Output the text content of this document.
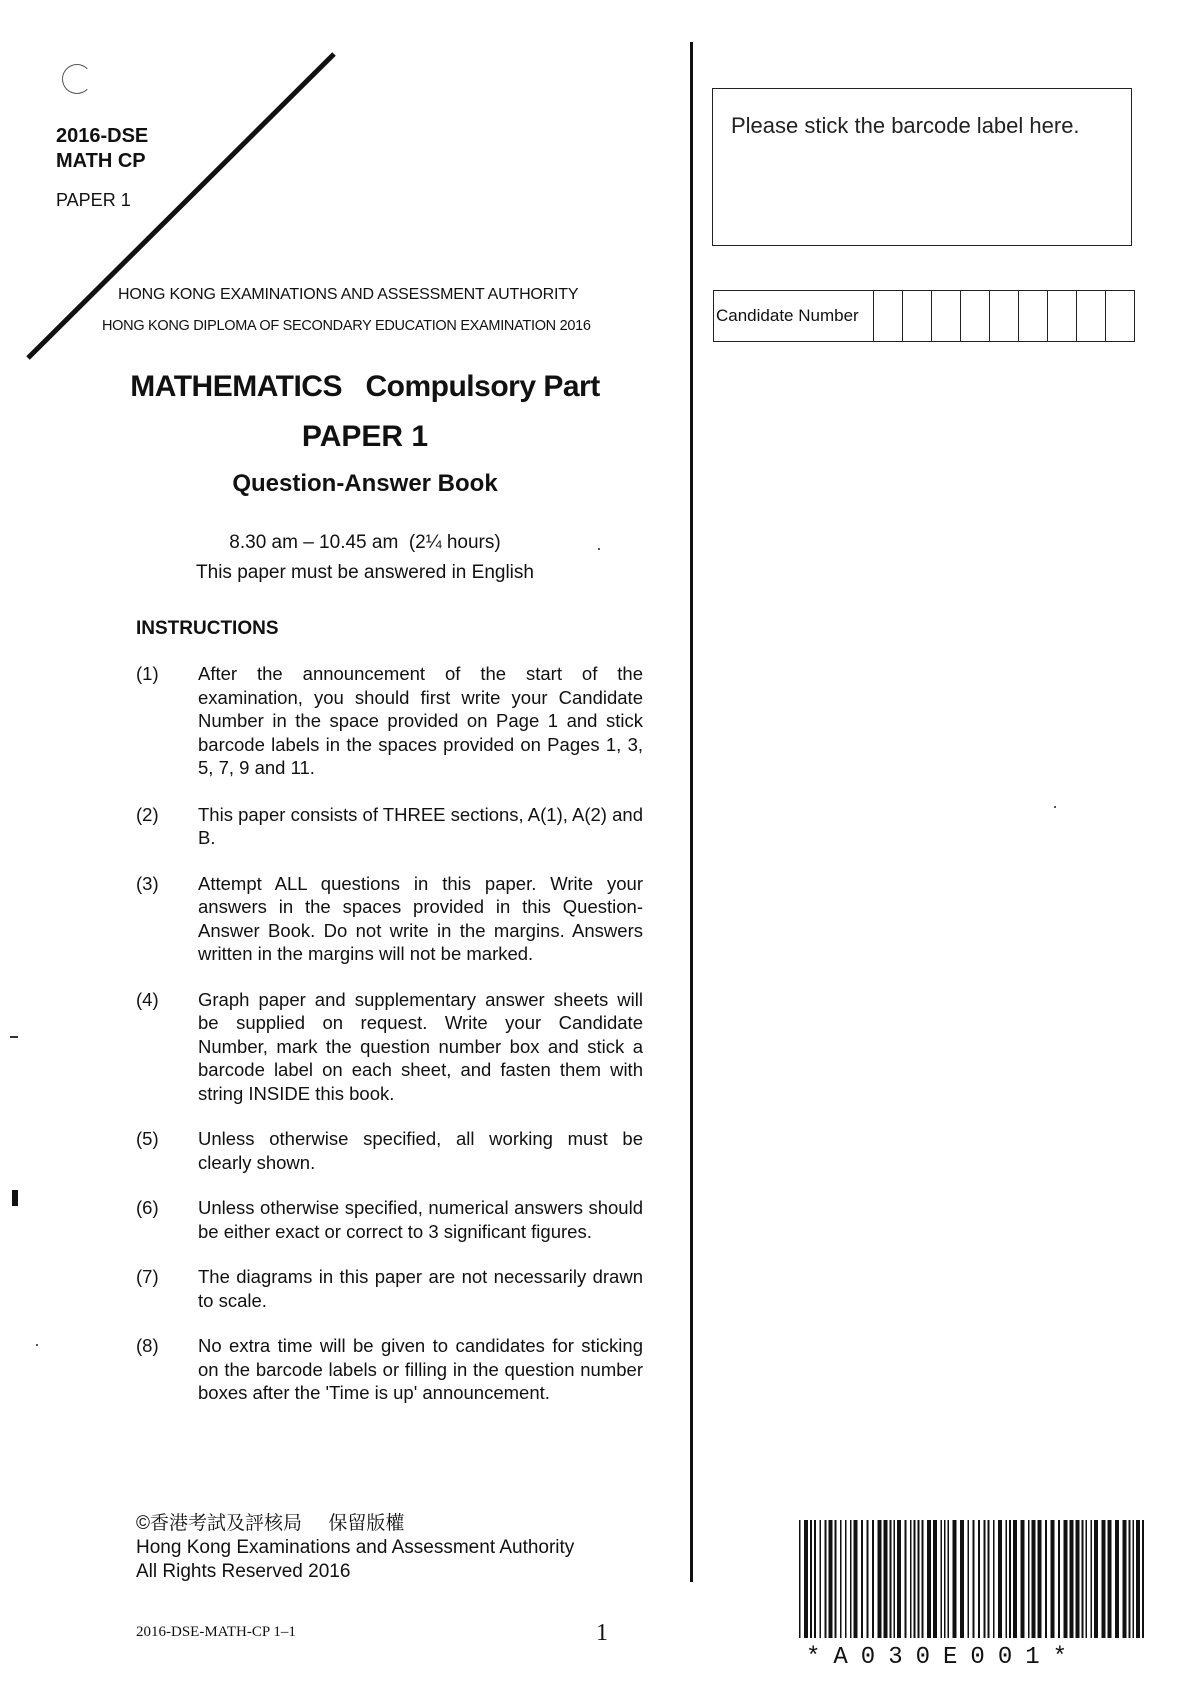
2016-DSE
MATH CP
PAPER 1
HONG KONG EXAMINATIONS AND ASSESSMENT AUTHORITY
HONG KONG DIPLOMA OF SECONDARY EDUCATION EXAMINATION 2016
MATHEMATICS   Compulsory Part
PAPER 1
Question-Answer Book
8.30 am – 10.45 am  (2¼ hours)
This paper must be answered in English
INSTRUCTIONS
(1)	After the announcement of the start of the examination, you should first write your Candidate Number in the space provided on Page 1 and stick barcode labels in the spaces provided on Pages 1, 3, 5, 7, 9 and 11.
(2)	This paper consists of THREE sections, A(1), A(2) and B.
(3)	Attempt ALL questions in this paper. Write your answers in the spaces provided in this Question-Answer Book. Do not write in the margins. Answers written in the margins will not be marked.
(4)	Graph paper and supplementary answer sheets will be supplied on request. Write your Candidate Number, mark the question number box and stick a barcode label on each sheet, and fasten them with string INSIDE this book.
(5)	Unless otherwise specified, all working must be clearly shown.
(6)	Unless otherwise specified, numerical answers should be either exact or correct to 3 significant figures.
(7)	The diagrams in this paper are not necessarily drawn to scale.
(8)	No extra time will be given to candidates for sticking on the barcode labels or filling in the question number boxes after the 'Time is up' announcement.
©香港考試及評核局     保留版權
Hong Kong Examinations and Assessment Authority
All Rights Reserved 2016
2016-DSE-MATH-CP 1–1	1
Please stick the barcode label here.
Candidate Number
*A030E001*
